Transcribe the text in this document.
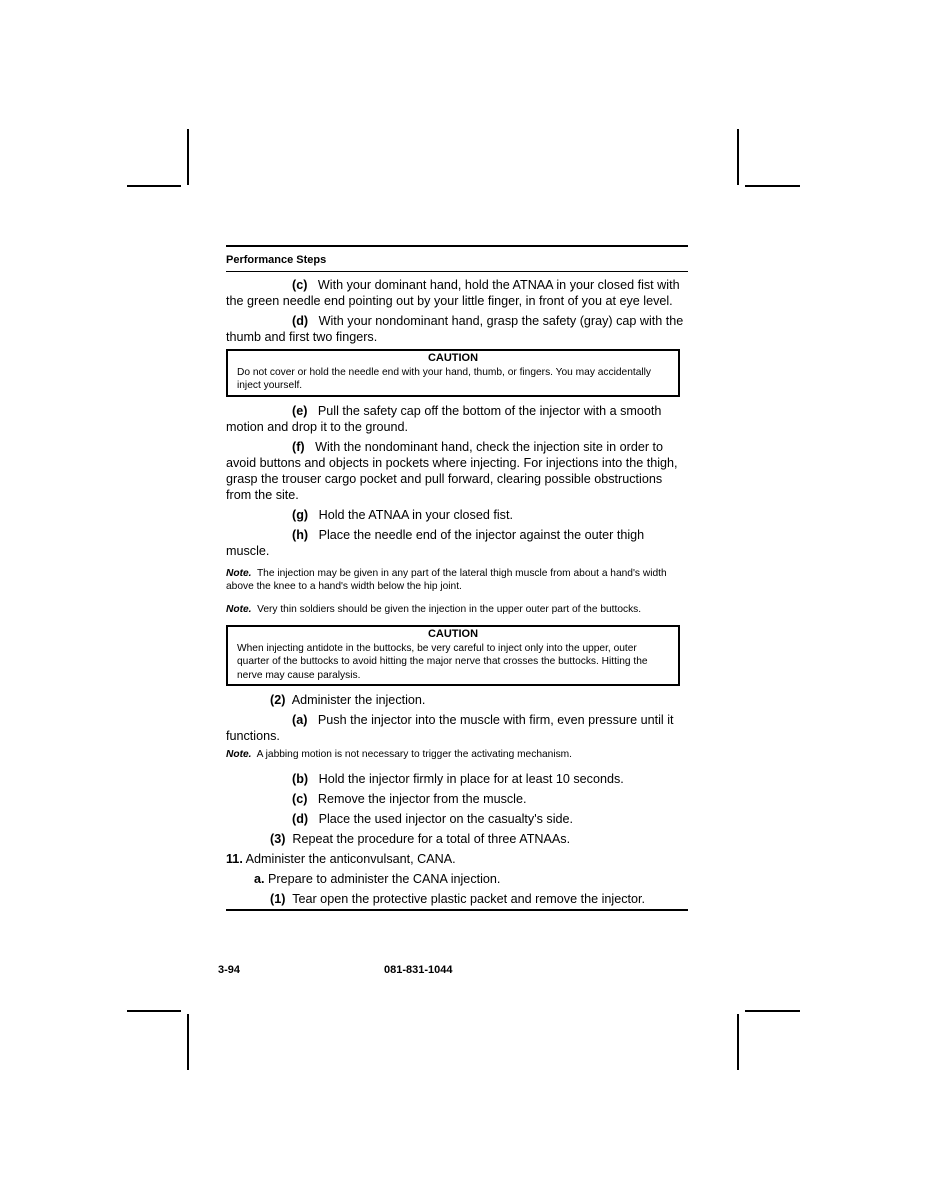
Performance Steps

(c) With your dominant hand, hold the ATNAA in your closed fist with the green needle end pointing out by your little finger, in front of you at eye level.

(d) With your nondominant hand, grasp the safety (gray) cap with the thumb and first two fingers.

CAUTION
Do not cover or hold the needle end with your hand, thumb, or fingers. You may accidentally inject yourself.

(e) Pull the safety cap off the bottom of the injector with a smooth motion and drop it to the ground.

(f) With the nondominant hand, check the injection site in order to avoid buttons and objects in pockets where injecting. For injections into the thigh, grasp the trouser cargo pocket and pull forward, clearing possible obstructions from the site.

(g) Hold the ATNAA in your closed fist.

(h) Place the needle end of the injector against the outer thigh muscle.

Note. The injection may be given in any part of the lateral thigh muscle from about a hand's width above the knee to a hand's width below the hip joint.
Note. Very thin soldiers should be given the injection in the upper outer part of the buttocks.
CAUTION
When injecting antidote in the buttocks, be very careful to inject only into the upper, outer quarter of the buttocks to avoid hitting the major nerve that crosses the buttocks. Hitting the nerve may cause paralysis.

(2) Administer the injection.

(a) Push the injector into the muscle with firm, even pressure until it functions.

Note. A jabbing motion is not necessary to trigger the activating mechanism.

(b) Hold the injector firmly in place for at least 10 seconds.

(c) Remove the injector from the muscle.

(d) Place the used injector on the casualty's side.

(3) Repeat the procedure for a total of three ATNAAs.

11. Administer the anticonvulsant, CANA.

a. Prepare to administer the CANA injection.

(1) Tear open the protective plastic packet and remove the injector.

3-94	081-831-1044
